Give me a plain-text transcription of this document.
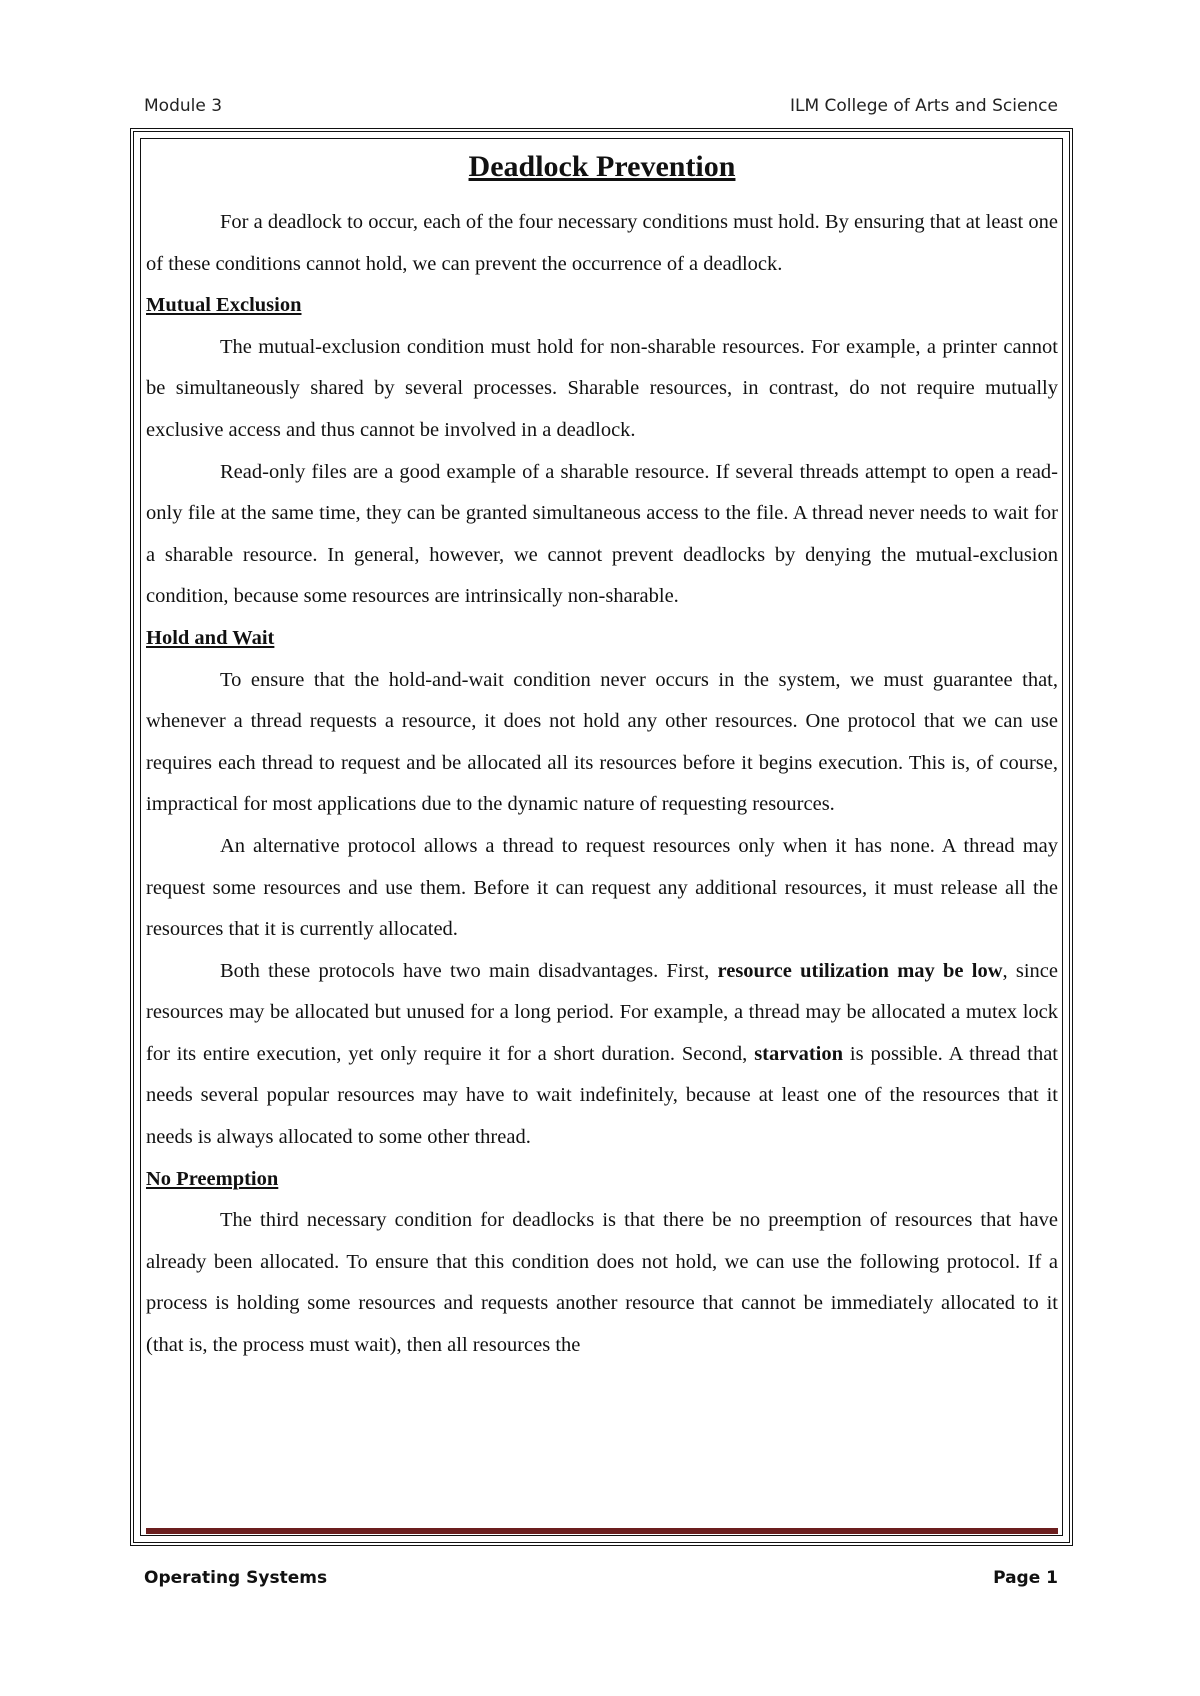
Module 3	ILM College of Arts and Science
Deadlock Prevention

For a deadlock to occur, each of the four necessary conditions must hold. By ensuring that at least one of these conditions cannot hold, we can prevent the occurrence of a deadlock.

Mutual Exclusion

The mutual-exclusion condition must hold for non-sharable resources. For example, a printer cannot be simultaneously shared by several processes. Sharable resources, in contrast, do not require mutually exclusive access and thus cannot be involved in a deadlock.

Read-only files are a good example of a sharable resource. If several threads attempt to open a read-only file at the same time, they can be granted simultaneous access to the file. A thread never needs to wait for a sharable resource. In general, however, we cannot prevent deadlocks by denying the mutual-exclusion condition, because some resources are intrinsically non-sharable.

Hold and Wait

To ensure that the hold-and-wait condition never occurs in the system, we must guarantee that, whenever a thread requests a resource, it does not hold any other resources. One protocol that we can use requires each thread to request and be allocated all its resources before it begins execution. This is, of course, impractical for most applications due to the dynamic nature of requesting resources.

An alternative protocol allows a thread to request resources only when it has none. A thread may request some resources and use them. Before it can request any additional resources, it must release all the resources that it is currently allocated.

Both these protocols have two main disadvantages. First, resource utilization may be low, since resources may be allocated but unused for a long period. For example, a thread may be allocated a mutex lock for its entire execution, yet only require it for a short duration. Second, starvation is possible. A thread that needs several popular resources may have to wait indefinitely, because at least one of the resources that it needs is always allocated to some other thread.

No Preemption

The third necessary condition for deadlocks is that there be no preemption of resources that have already been allocated. To ensure that this condition does not hold, we can use the following protocol. If a process is holding some resources and requests another resource that cannot be immediately allocated to it (that is, the process must wait), then all resources the

Operating Systems	Page 1
